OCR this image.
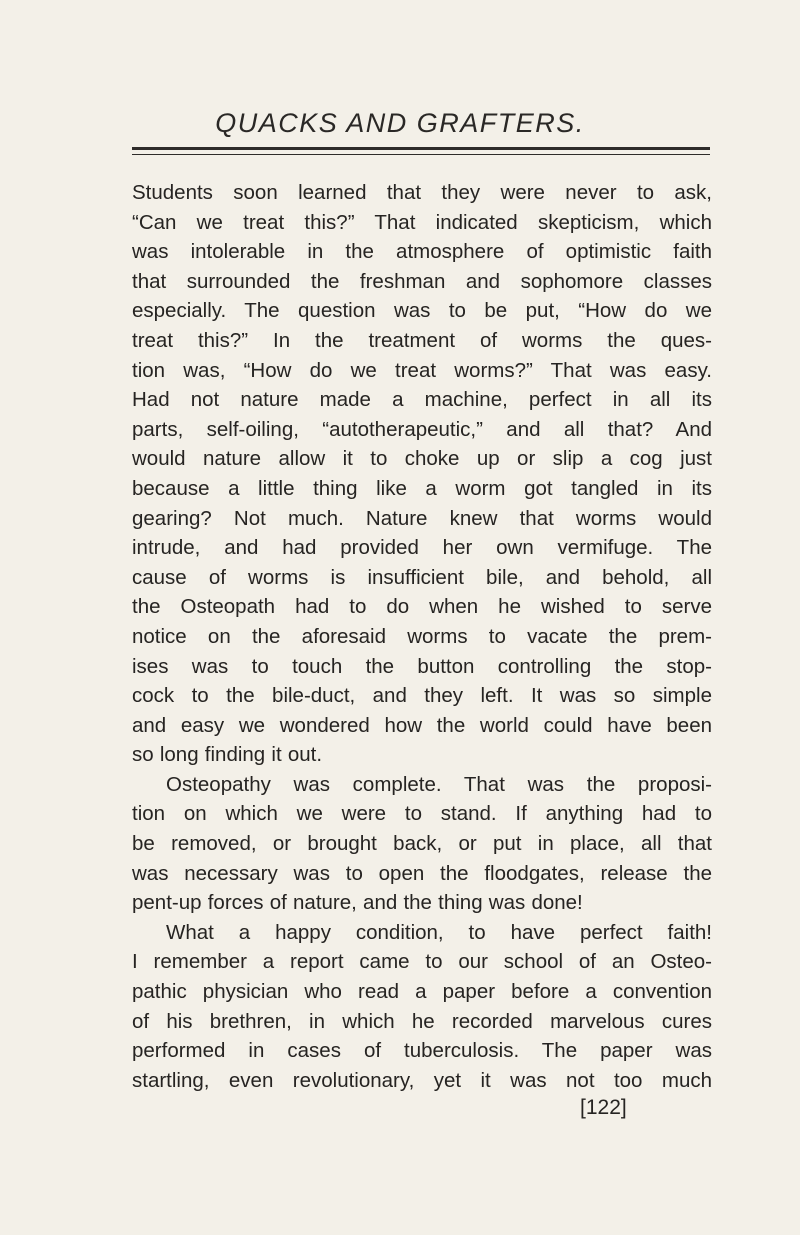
QUACKS AND GRAFTERS.
Students soon learned that they were never to ask,
“Can we treat this?” That indicated skepticism, which
was intolerable in the atmosphere of optimistic faith
that surrounded the freshman and sophomore classes
especially. The question was to be put, “How do we
treat this?” In the treatment of worms the ques-
tion was, “How do we treat worms?” That was easy.
Had not nature made a machine, perfect in all its
parts, self-oiling, “autotherapeutic,” and all that? And
would nature allow it to choke up or slip a cog just
because a little thing like a worm got tangled in its
gearing? Not much. Nature knew that worms would
intrude, and had provided her own vermifuge. The
cause of worms is insufficient bile, and behold, all
the Osteopath had to do when he wished to serve
notice on the aforesaid worms to vacate the prem-
ises was to touch the button controlling the stop-
cock to the bile-duct, and they left. It was so simple
and easy we wondered how the world could have been
so long finding it out.
Osteopathy was complete. That was the proposi-
tion on which we were to stand. If anything had to
be removed, or brought back, or put in place, all that
was necessary was to open the floodgates, release the
pent-up forces of nature, and the thing was done!
What a happy condition, to have perfect faith!
I remember a report came to our school of an Osteo-
pathic physician who read a paper before a convention
of his brethren, in which he recorded marvelous cures
performed in cases of tuberculosis. The paper was
startling, even revolutionary, yet it was not too much
[122]
